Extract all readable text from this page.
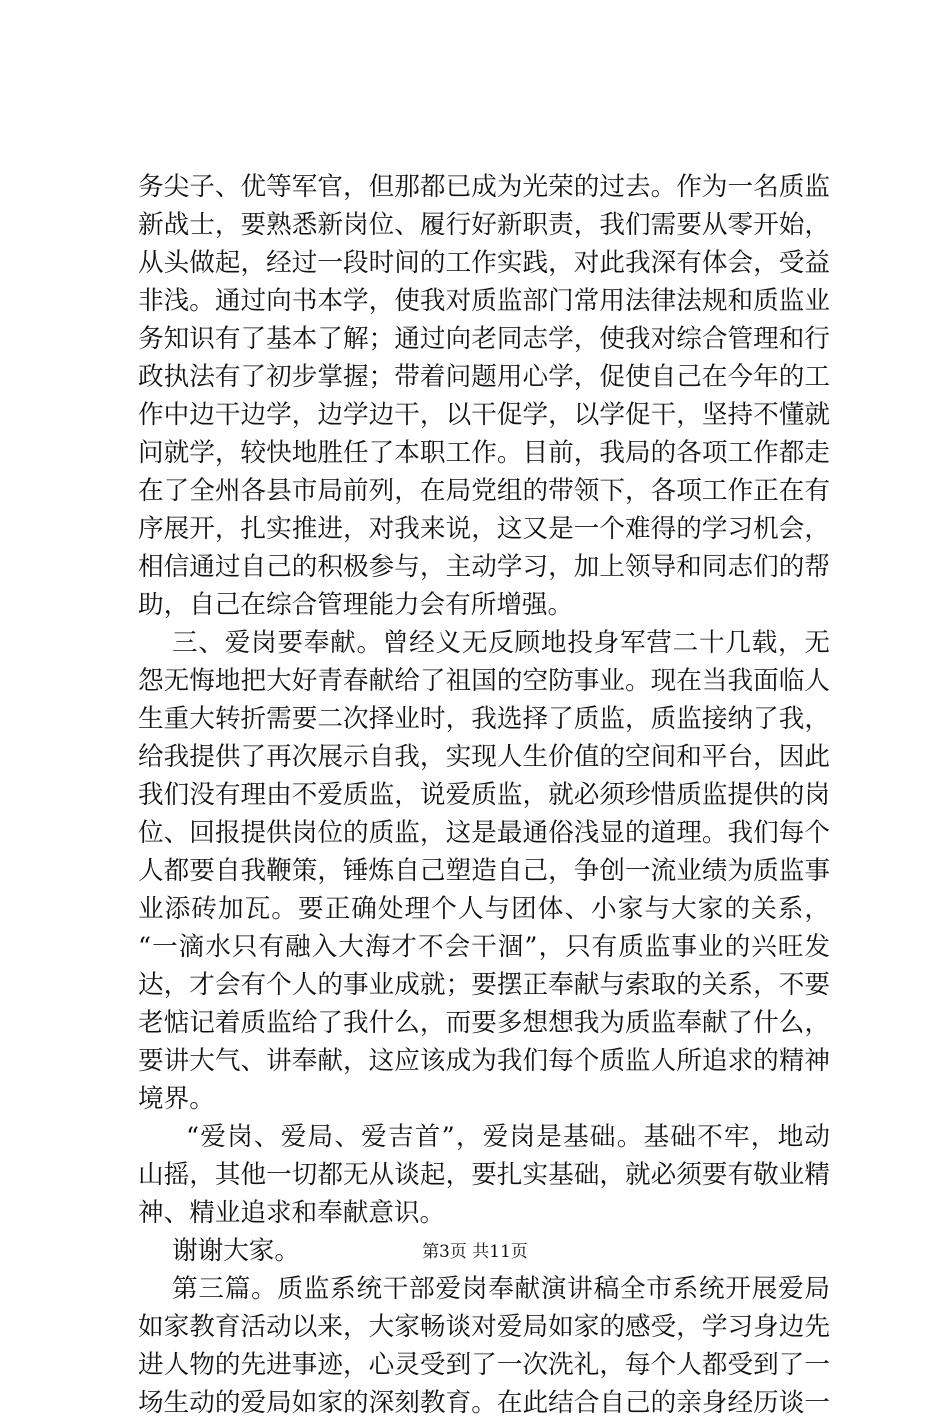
务尖子、优等军官，但那都已成为光荣的过去。作为一名质监
新战士，要熟悉新岗位、履行好新职责，我们需要从零开始，
从头做起，经过一段时间的工作实践，对此我深有体会，受益
非浅。通过向书本学，使我对质监部门常用法律法规和质监业
务知识有了基本了解；通过向老同志学，使我对综合管理和行
政执法有了初步掌握；带着问题用心学，促使自己在今年的工
作中边干边学，边学边干，以干促学，以学促干，坚持不懂就
问就学，较快地胜任了本职工作。目前，我局的各项工作都走
在了全州各县市局前列，在局党组的带领下，各项工作正在有
序展开，扎实推进，对我来说，这又是一个难得的学习机会，
相信通过自己的积极参与，主动学习，加上领导和同志们的帮
助，自己在综合管理能力会有所增强。
三、爱岗要奉献。曾经义无反顾地投身军营二十几载，无
怨无悔地把大好青春献给了祖国的空防事业。现在当我面临人
生重大转折需要二次择业时，我选择了质监，质监接纳了我，
给我提供了再次展示自我，实现人生价值的空间和平台，因此
我们没有理由不爱质监，说爱质监，就必须珍惜质监提供的岗
位、回报提供岗位的质监，这是最通俗浅显的道理。我们每个
人都要自我鞭策，锤炼自己塑造自己，争创一流业绩为质监事
业添砖加瓦。要正确处理个人与团体、小家与大家的关系，
“一滴水只有融入大海才不会干涸”，只有质监事业的兴旺发
达，才会有个人的事业成就；要摆正奉献与索取的关系，不要
老惦记着质监给了我什么，而要多想想我为质监奉献了什么，
要讲大气、讲奉献，这应该成为我们每个质监人所追求的精神
境界。
“爱岗、爱局、爱吉首”，爱岗是基础。基础不牢，地动
山摇，其他一切都无从谈起，要扎实基础，就必须要有敬业精
神、精业追求和奉献意识。
谢谢大家。
第三篇。质监系统干部爱岗奉献演讲稿全市系统开展爱局
如家教育活动以来，大家畅谈对爱局如家的感受，学习身边先
进人物的先进事迹，心灵受到了一次洗礼，每个人都受到了一
场生动的爱局如家的深刻教育。在此结合自己的亲身经历谈一
第3页 共11页
